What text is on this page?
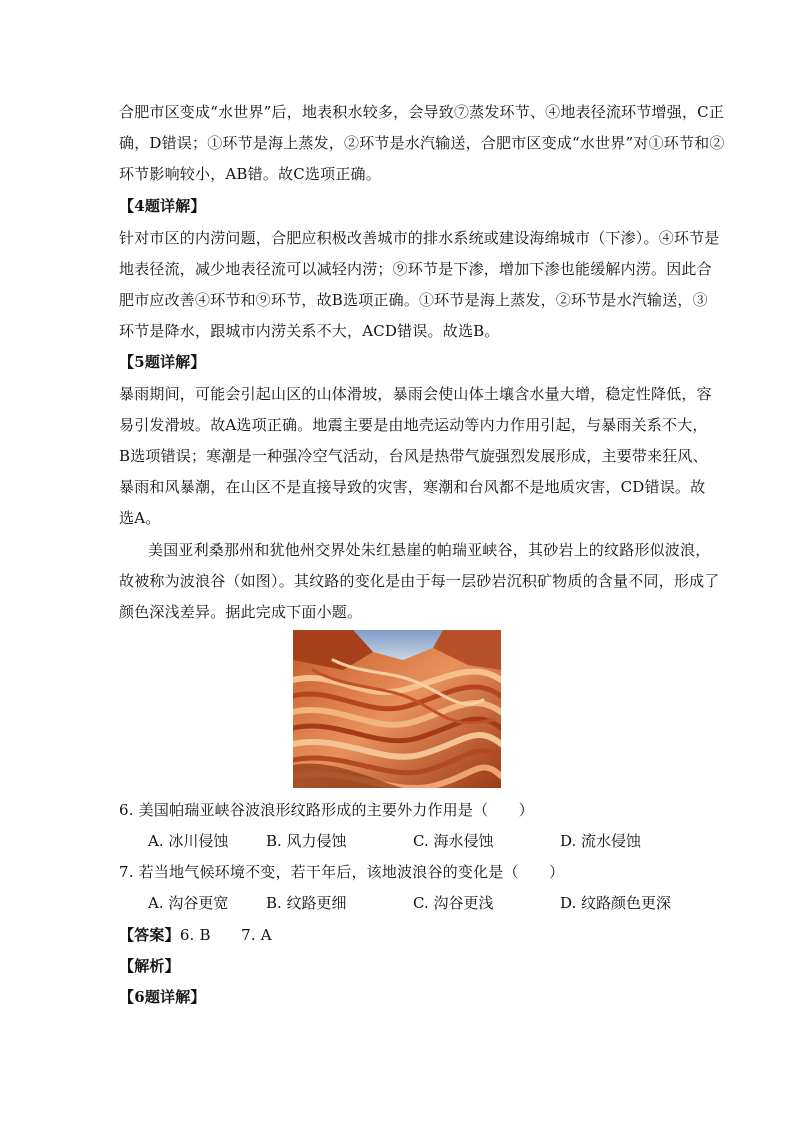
合肥市区变成“水世界”后，地表积水较多，会导致⑦蒸发环节、④地表径流环节增强，C正
确，D错误；①环节是海上蒸发，②环节是水汽输送，合肥市区变成“水世界”对①环节和②
环节影响较小，AB错。故C选项正确。
【4题详解】
针对市区的内涝问题，合肥应积极改善城市的排水系统或建设海绵城市（下渗）。④环节是
地表径流，减少地表径流可以减轻内涝；⑨环节是下渗，增加下渗也能缓解内涝。因此合
肥市应改善④环节和⑨环节，故B选项正确。①环节是海上蒸发，②环节是水汽输送，③
环节是降水，跟城市内涝关系不大，ACD错误。故选B。
【5题详解】
暴雨期间，可能会引起山区的山体滑坡，暴雨会使山体土壤含水量大增，稳定性降低，容
易引发滑坡。故A选项正确。地震主要是由地壳运动等内力作用引起，与暴雨关系不大，
B选项错误；寒潮是一种强冷空气活动，台风是热带气旋强烈发展形成，主要带来狂风、
暴雨和风暴潮，在山区不是直接导致的灾害，寒潮和台风都不是地质灾害，CD错误。故
选A。
美国亚利桑那州和犹他州交界处朱红悬崖的帕瑞亚峡谷，其砂岩上的纹路形似波浪，
故被称为波浪谷（如图）。其纹路的变化是由于每一层砂岩沉积矿物质的含量不同，形成了
颜色深浅差异。据此完成下面小题。
6. 美国帕瑞亚峡谷波浪形纹路形成的主要外力作用是（　　）
A. 冰川侵蚀	B. 风力侵蚀	C. 海水侵蚀	D. 流水侵蚀
7. 若当地气候环境不变，若干年后，该地波浪谷的变化是（　　）
A. 沟谷更宽	B. 纹路更细	C. 沟谷更浅	D. 纹路颜色更深
【答案】6. B　　7. A
【解析】
【6题详解】
